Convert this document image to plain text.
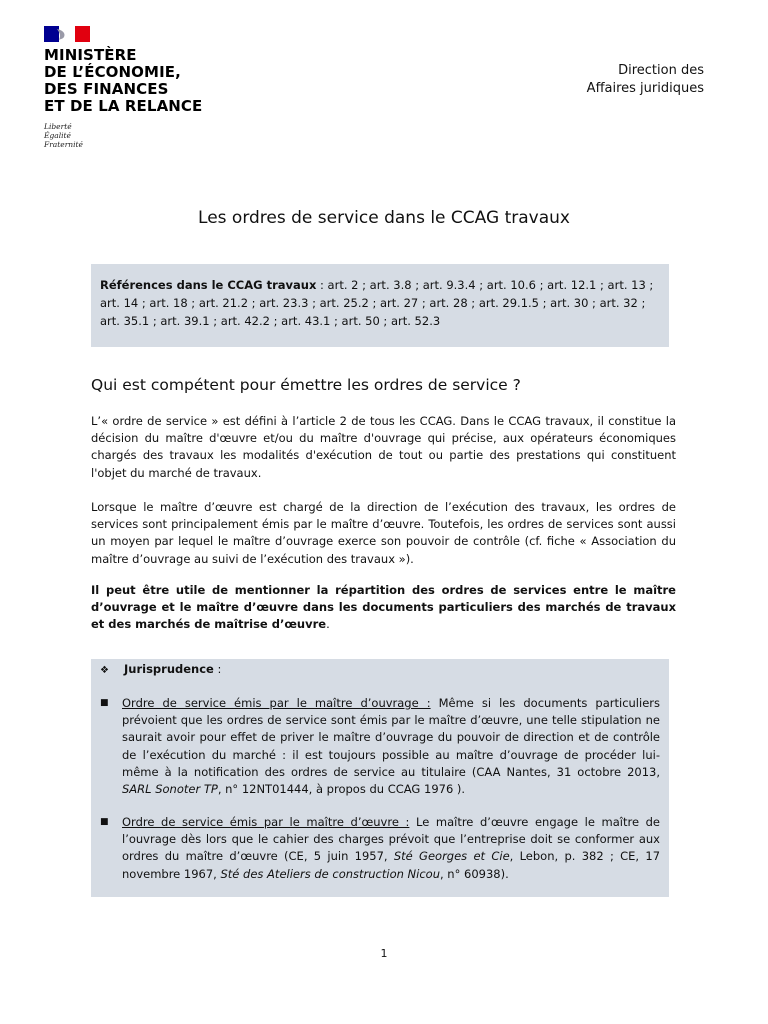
MINISTÈRE
DE L’ÉCONOMIE,
DES FINANCES
ET DE LA RELANCE
Liberté
Égalité
Fraternité
Direction des
Affaires juridiques
Les ordres de service dans le CCAG travaux
Références dans le CCAG travaux : art. 2 ; art. 3.8 ; art. 9.3.4 ; art. 10.6 ; art. 12.1 ; art. 13 ; art. 14 ; art. 18 ; art. 21.2 ; art. 23.3 ; art. 25.2 ; art. 27 ; art. 28 ; art. 29.1.5 ; art. 30 ; art. 32 ; art. 35.1 ; art. 39.1 ; art. 42.2 ; art. 43.1 ; art. 50 ; art. 52.3
Qui est compétent pour émettre les ordres de service ?
L’« ordre de service » est défini à l’article 2 de tous les CCAG. Dans le CCAG travaux, il constitue la décision du maître d'œuvre et/ou du maître d'ouvrage qui précise, aux opérateurs économiques chargés des travaux les modalités d'exécution de tout ou partie des prestations qui constituent l'objet du marché de travaux.
Lorsque le maître d’œuvre est chargé de la direction de l’exécution des travaux, les ordres de services sont principalement émis par le maître d’œuvre. Toutefois, les ordres de services sont aussi un moyen par lequel le maître d’ouvrage exerce son pouvoir de contrôle (cf. fiche « Association du maître d’ouvrage au suivi de l’exécution des travaux »).
Il peut être utile de mentionner la répartition des ordres de services entre le maître d’ouvrage et le maître d’œuvre dans les documents particuliers des marchés de travaux et des marchés de maîtrise d’œuvre.
❖ Jurisprudence :
■ Ordre de service émis par le maître d’ouvrage : Même si les documents particuliers prévoient que les ordres de service sont émis par le maître d’œuvre, une telle stipulation ne saurait avoir pour effet de priver le maître d’ouvrage du pouvoir de direction et de contrôle de l’exécution du marché : il est toujours possible au maître d’ouvrage de procéder lui-même à la notification des ordres de service au titulaire (CAA Nantes, 31 octobre 2013, SARL Sonoter TP, n° 12NT01444, à propos du CCAG 1976 ).
■ Ordre de service émis par le maître d’œuvre : Le maître d’œuvre engage le maître de l’ouvrage dès lors que le cahier des charges prévoit que l’entreprise doit se conformer aux ordres du maître d’œuvre (CE, 5 juin 1957, Sté Georges et Cie, Lebon, p. 382 ; CE, 17 novembre 1967, Sté des Ateliers de construction Nicou, n° 60938).
1
